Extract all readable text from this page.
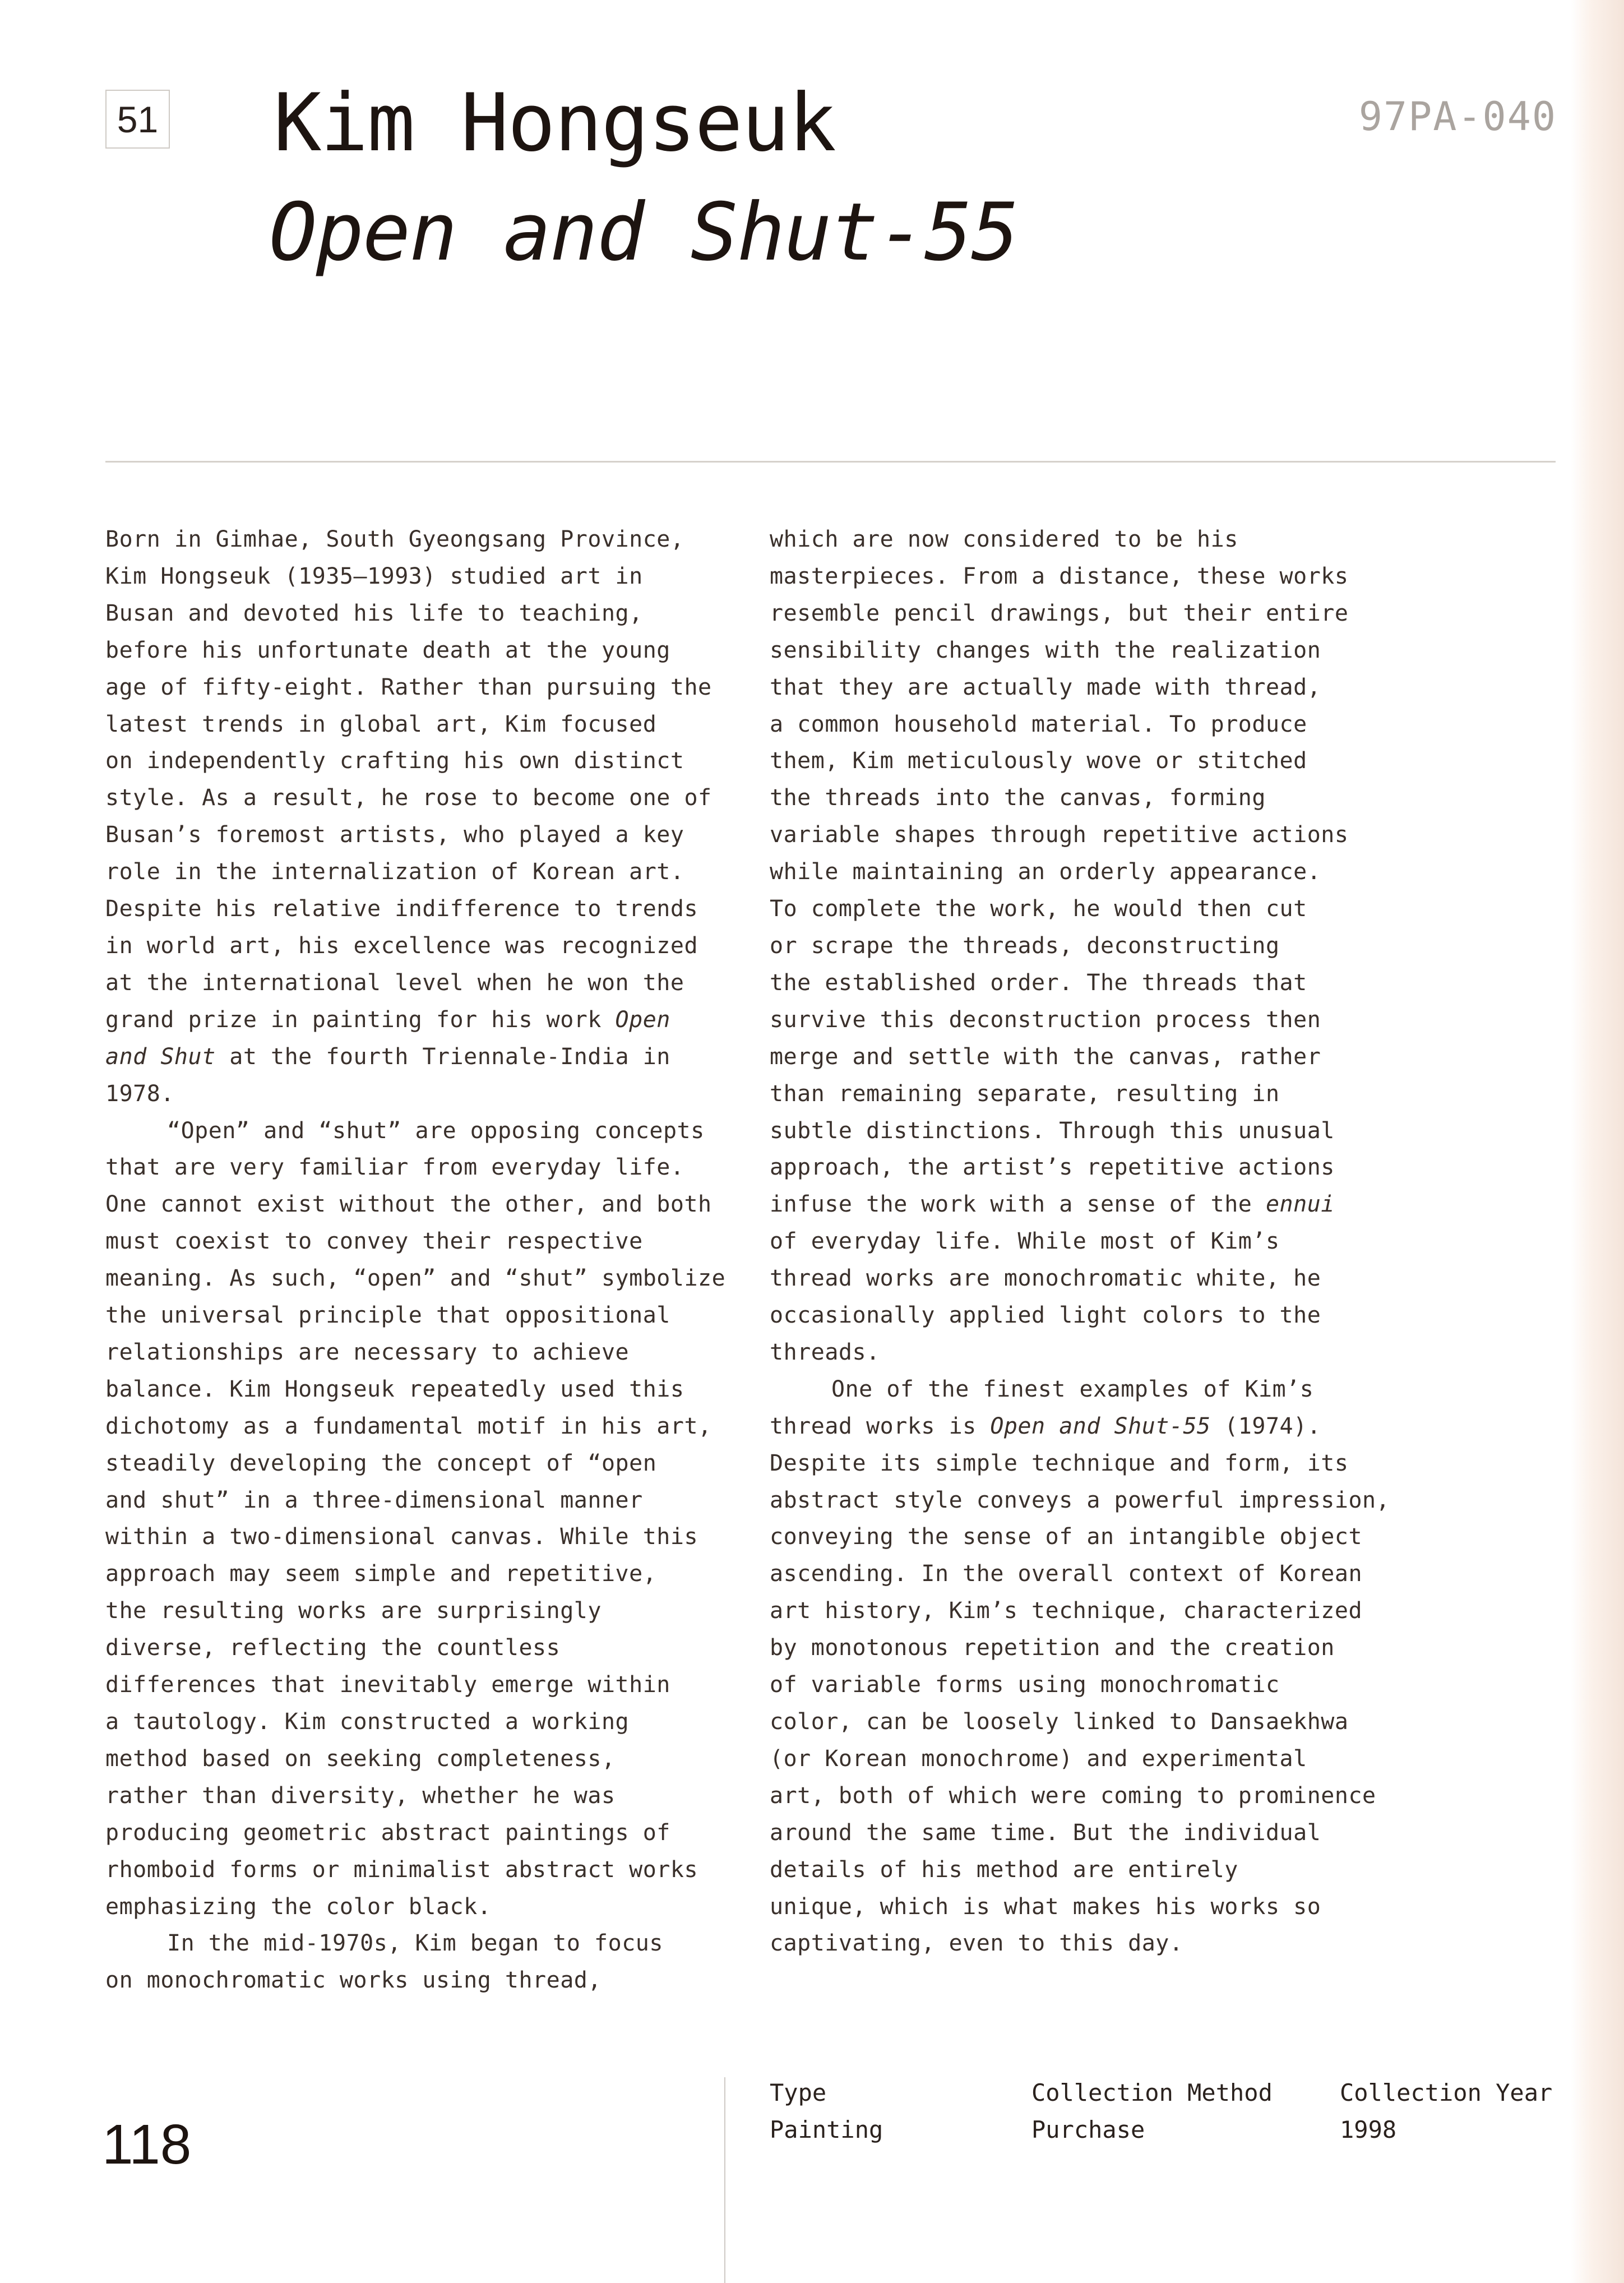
51 Kim Hongseuk
Open and Shut-55
97PA-040
Born in Gimhae, South Gyeongsang Province,
Kim Hongseuk (1935–1993) studied art in
Busan and devoted his life to teaching,
before his unfortunate death at the young
age of fifty-eight. Rather than pursuing the
latest trends in global art, Kim focused
on independently crafting his own distinct
style. As a result, he rose to become one of
Busan’s foremost artists, who played a key
role in the internalization of Korean art.
Despite his relative indifference to trends
in world art, his excellence was recognized
at the international level when he won the
grand prize in painting for his work Open
and Shut at the fourth Triennale-India in
1978.
“Open” and “shut” are opposing concepts
that are very familiar from everyday life.
One cannot exist without the other, and both
must coexist to convey their respective
meaning. As such, “open” and “shut” symbolize
the universal principle that oppositional
relationships are necessary to achieve
balance. Kim Hongseuk repeatedly used this
dichotomy as a fundamental motif in his art,
steadily developing the concept of “open
and shut” in a three-dimensional manner
within a two-dimensional canvas. While this
approach may seem simple and repetitive,
the resulting works are surprisingly
diverse, reflecting the countless
differences that inevitably emerge within
a tautology. Kim constructed a working
method based on seeking completeness,
rather than diversity, whether he was
producing geometric abstract paintings of
rhomboid forms or minimalist abstract works
emphasizing the color black.
In the mid-1970s, Kim began to focus
on monochromatic works using thread,
which are now considered to be his
masterpieces. From a distance, these works
resemble pencil drawings, but their entire
sensibility changes with the realization
that they are actually made with thread,
a common household material. To produce
them, Kim meticulously wove or stitched
the threads into the canvas, forming
variable shapes through repetitive actions
while maintaining an orderly appearance.
To complete the work, he would then cut
or scrape the threads, deconstructing
the established order. The threads that
survive this deconstruction process then
merge and settle with the canvas, rather
than remaining separate, resulting in
subtle distinctions. Through this unusual
approach, the artist’s repetitive actions
infuse the work with a sense of the ennui
of everyday life. While most of Kim’s
thread works are monochromatic white, he
occasionally applied light colors to the
threads.
One of the finest examples of Kim’s
thread works is Open and Shut-55 (1974).
Despite its simple technique and form, its
abstract style conveys a powerful impression,
conveying the sense of an intangible object
ascending. In the overall context of Korean
art history, Kim’s technique, characterized
by monotonous repetition and the creation
of variable forms using monochromatic
color, can be loosely linked to Dansaekhwa
(or Korean monochrome) and experimental
art, both of which were coming to prominence
around the same time. But the individual
details of his method are entirely
unique, which is what makes his works so
captivating, even to this day.
118
Type
Painting
Collection Method
Purchase
Collection Year
1998
